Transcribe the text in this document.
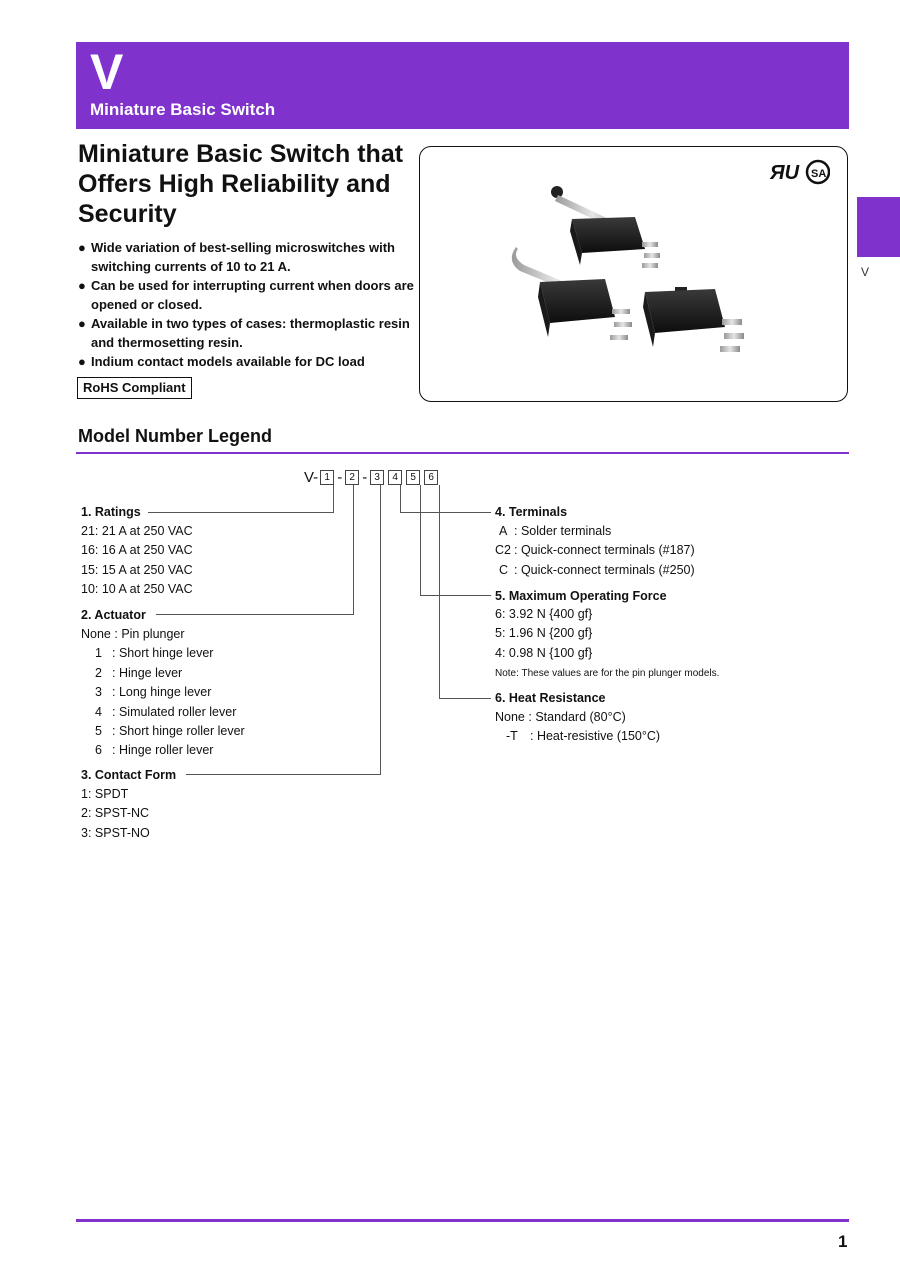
V
Miniature Basic Switch
V
Miniature Basic Switch that Offers High Reliability and Security
● Wide variation of best-selling microswitches with switching currents of 10 to 21 A.
● Can be used for interrupting current when doors are opened or closed.
● Available in two types of cases: thermoplastic resin and thermosetting resin.
● Indium contact models available for DC load
RoHS Compliant
ЯU SA
Model Number Legend
V- 1 - 2 - 3	4	5	6
1. Ratings
21: 21 A at 250 VAC
16: 16 A at 250 VAC
15: 15 A at 250 VAC
10: 10 A at 250 VAC
2. Actuator
None : Pin plunger
1 : Short hinge lever
2 : Hinge lever
3 : Long hinge lever
4 : Simulated roller lever
5 : Short hinge roller lever
6 : Hinge roller lever
3. Contact Form
1: SPDT
2: SPST-NC
3: SPST-NO
4. Terminals
A : Solder terminals
C2 : Quick-connect terminals (#187)
C : Quick-connect terminals (#250)
5. Maximum Operating Force
6: 3.92 N {400 gf}
5: 1.96 N {200 gf}
4: 0.98 N {100 gf}
Note: These values are for the pin plunger models.
6. Heat Resistance
None : Standard (80°C)
-T : Heat-resistive (150°C)
1
